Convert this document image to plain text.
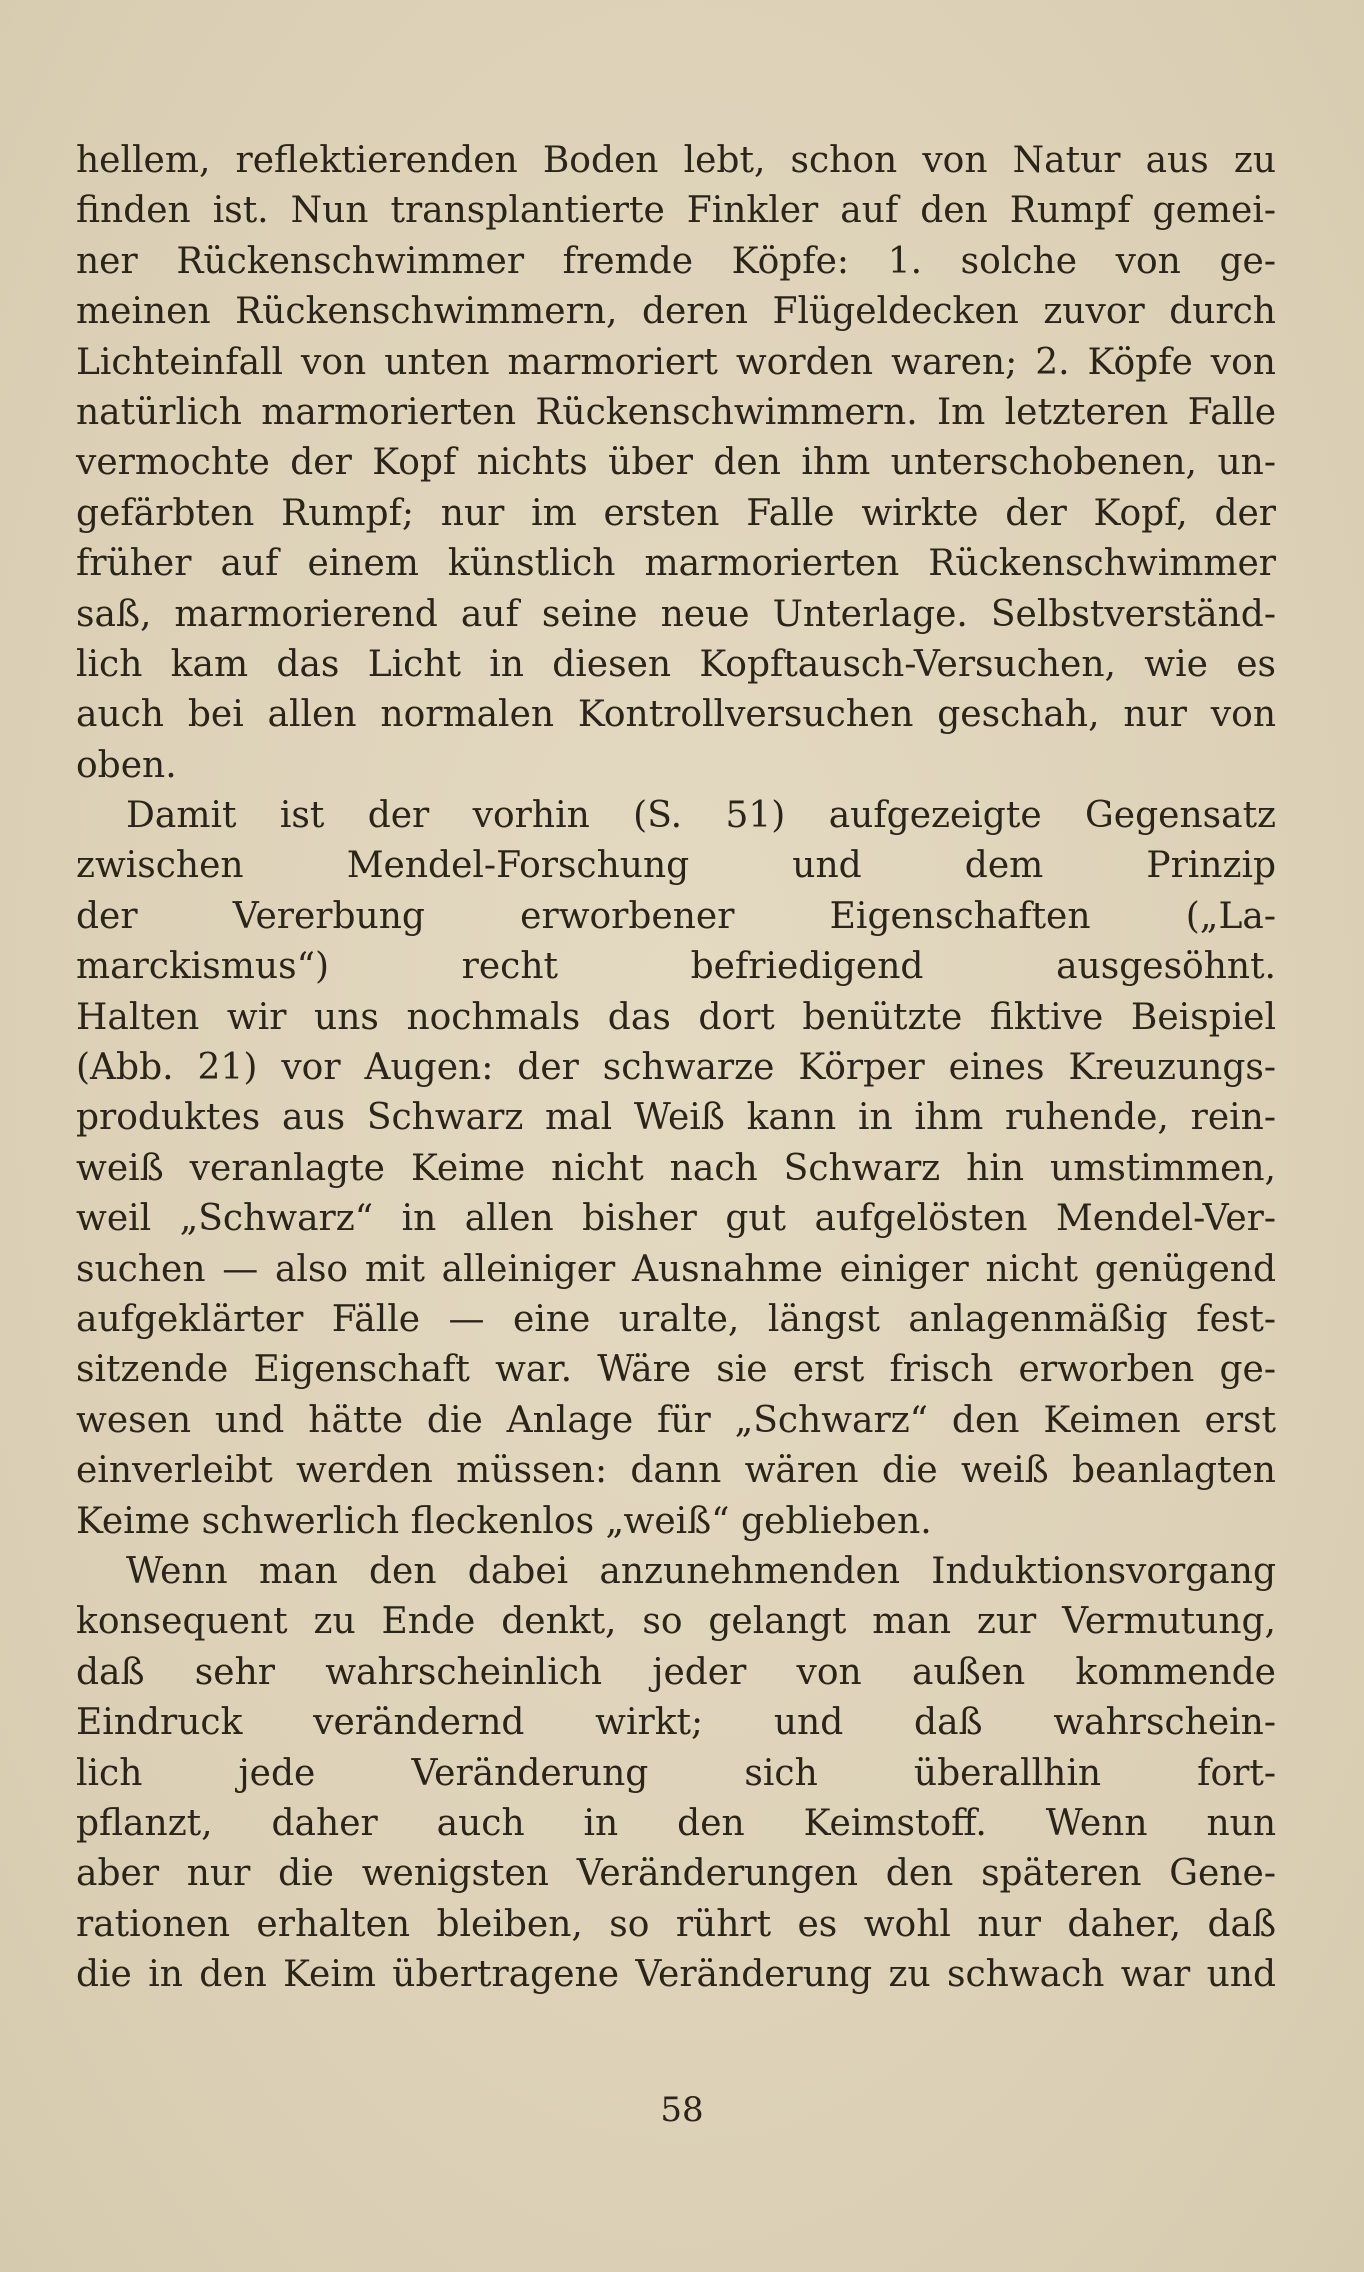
hellem, reflektierenden Boden lebt, schon von Natur aus zu
finden ist. Nun transplantierte Finkler auf den Rumpf gemei-
ner Rückenschwimmer fremde Köpfe: 1. solche von ge-
meinen Rückenschwimmern, deren Flügeldecken zuvor durch
Lichteinfall von unten marmoriert worden waren; 2. Köpfe von
natürlich marmorierten Rückenschwimmern. Im letzteren Falle
vermochte der Kopf nichts über den ihm unterschobenen, un-
gefärbten Rumpf; nur im ersten Falle wirkte der Kopf, der
früher auf einem künstlich marmorierten Rückenschwimmer
saß, marmorierend auf seine neue Unterlage. Selbstverständ-
lich kam das Licht in diesen Kopftausch-Versuchen, wie es
auch bei allen normalen Kontrollversuchen geschah, nur von
oben.
Damit ist der vorhin (S. 51) aufgezeigte Gegensatz
zwischen Mendel-Forschung und dem Prinzip
der Vererbung erworbener Eigenschaften („La-
marckismus“) recht befriedigend ausgesöhnt.
Halten wir uns nochmals das dort benützte fiktive Beispiel
(Abb. 21) vor Augen: der schwarze Körper eines Kreuzungs-
produktes aus Schwarz mal Weiß kann in ihm ruhende, rein-
weiß veranlagte Keime nicht nach Schwarz hin umstimmen,
weil „Schwarz“ in allen bisher gut aufgelösten Mendel-Ver-
suchen — also mit alleiniger Ausnahme einiger nicht genügend
aufgeklärter Fälle — eine uralte, längst anlagenmäßig fest-
sitzende Eigenschaft war. Wäre sie erst frisch erworben ge-
wesen und hätte die Anlage für „Schwarz“ den Keimen erst
einverleibt werden müssen: dann wären die weiß beanlagten
Keime schwerlich fleckenlos „weiß“ geblieben.
Wenn man den dabei anzunehmenden Induktionsvorgang
konsequent zu Ende denkt, so gelangt man zur Vermutung,
daß sehr wahrscheinlich jeder von außen kommende
Eindruck verändernd wirkt; und daß wahrschein-
lich jede Veränderung sich überallhin fort-
pflanzt, daher auch in den Keimstoff. Wenn nun
aber nur die wenigsten Veränderungen den späteren Gene-
rationen erhalten bleiben, so rührt es wohl nur daher, daß
die in den Keim übertragene Veränderung zu schwach war und
58
